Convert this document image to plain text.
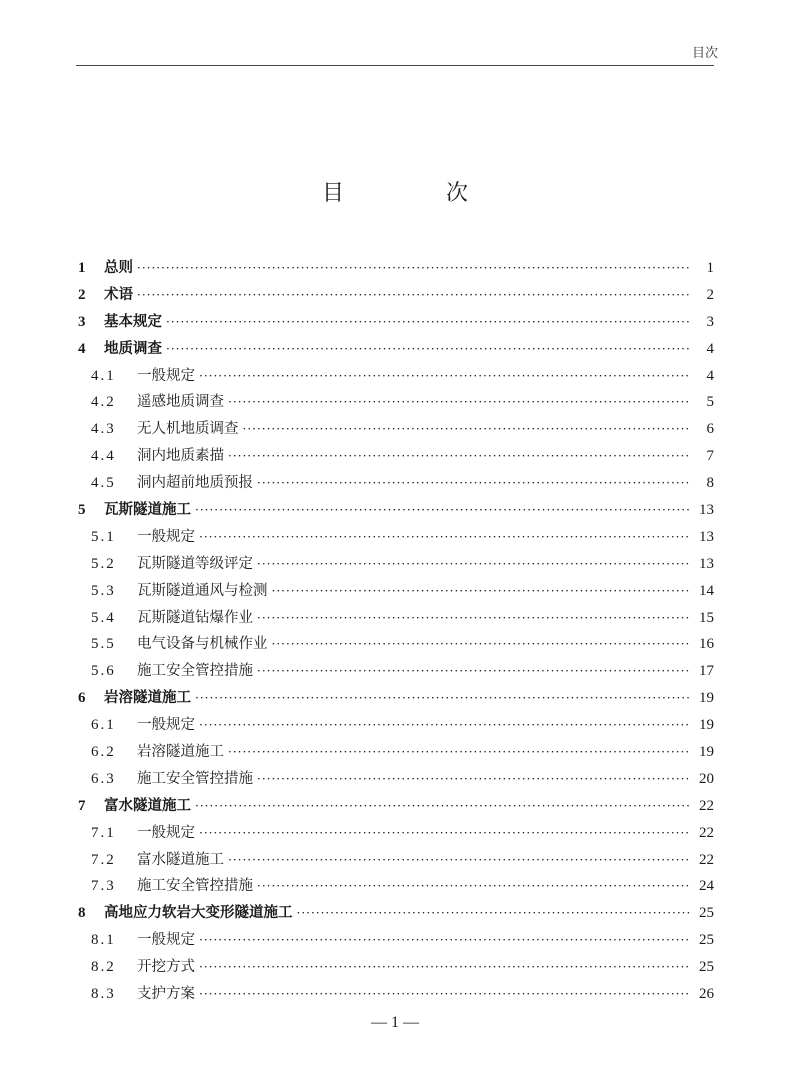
目次
目　次
1	总则 ·····	1
2	术语 ·····	2
3	基本规定 ·····	3
4	地质调查 ·····	4
4.1	一般规定 ·····	4
4.2	遥感地质调查 ·····	5
4.3	无人机地质调查 ·····	6
4.4	洞内地质素描 ·····	7
4.5	洞内超前地质预报 ·····	8
5	瓦斯隧道施工 ·····	13
5.1	一般规定 ·····	13
5.2	瓦斯隧道等级评定 ·····	13
5.3	瓦斯隧道通风与检测 ·····	14
5.4	瓦斯隧道钻爆作业 ·····	15
5.5	电气设备与机械作业 ·····	16
5.6	施工安全管控措施 ·····	17
6	岩溶隧道施工 ·····	19
6.1	一般规定 ·····	19
6.2	岩溶隧道施工 ·····	19
6.3	施工安全管控措施 ·····	20
7	富水隧道施工 ·····	22
7.1	一般规定 ·····	22
7.2	富水隧道施工 ·····	22
7.3	施工安全管控措施 ·····	24
8	高地应力软岩大变形隧道施工 ·····	25
8.1	一般规定 ·····	25
8.2	开挖方式 ·····	25
8.3	支护方案 ·····	26
— 1 —
